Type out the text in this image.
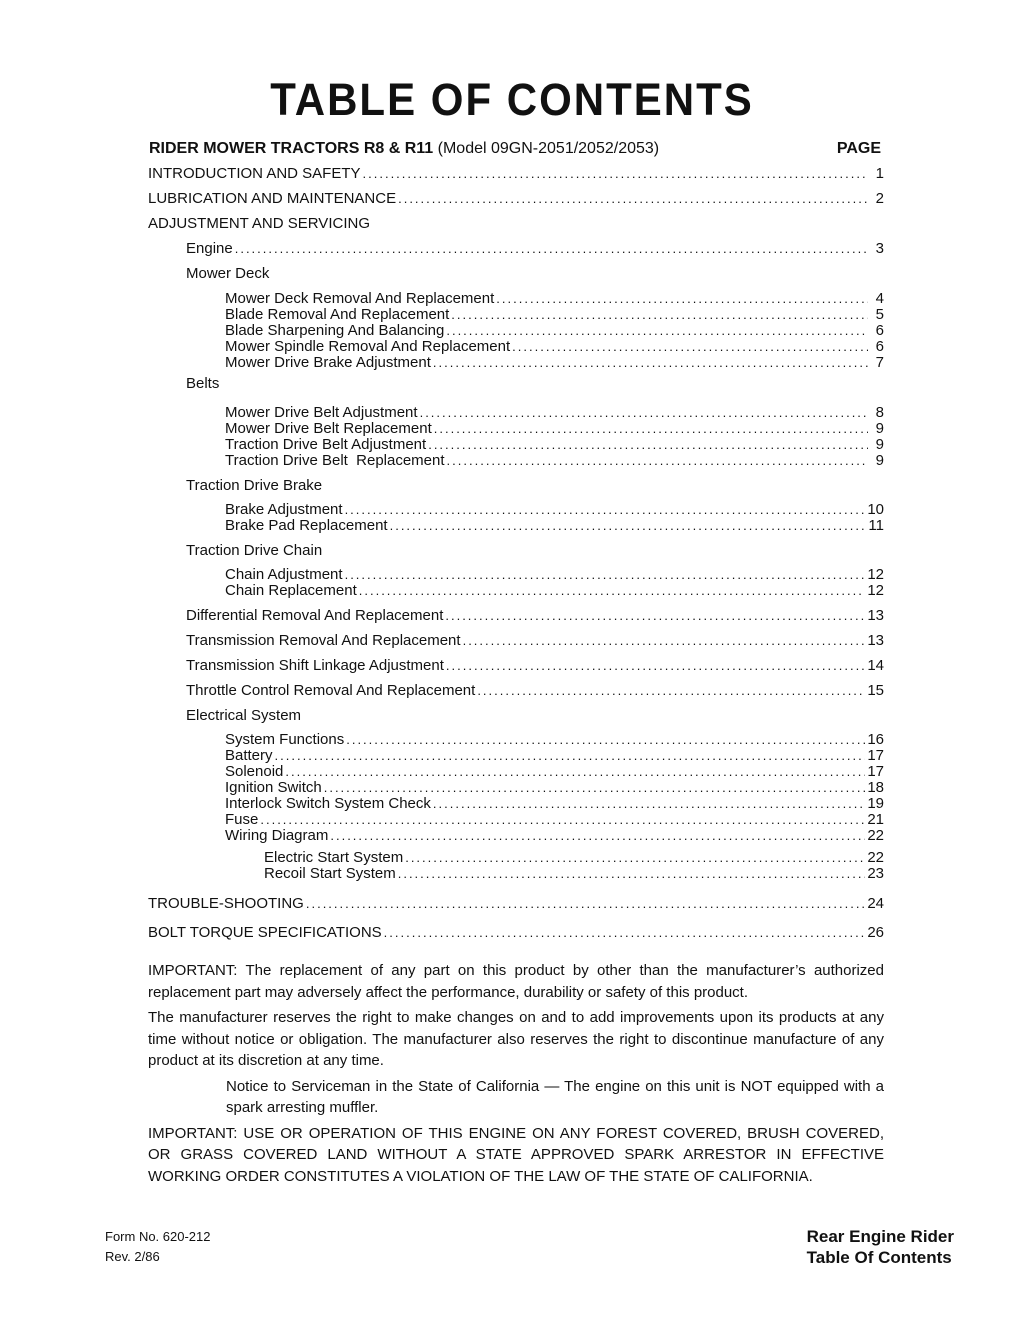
TABLE OF CONTENTS
RIDER MOWER TRACTORS R8 & R11 (Model 09GN-2051/2052/2053)	PAGE
INTRODUCTION AND SAFETY .....	1
LUBRICATION AND MAINTENANCE .....	2
ADJUSTMENT AND SERVICING
Engine .....	3
Mower Deck
Mower Deck Removal And Replacement .....	4
Blade Removal And Replacement .....	5
Blade Sharpening And Balancing .....	6
Mower Spindle Removal And Replacement .....	6
Mower Drive Brake Adjustment .....	7
Belts
Mower Drive Belt Adjustment .....	8
Mower Drive Belt Replacement .....	9
Traction Drive Belt Adjustment .....	9
Traction Drive Belt  Replacement .....	9
Traction Drive Brake
Brake Adjustment .....	10
Brake Pad Replacement .....	11
Traction Drive Chain
Chain Adjustment .....	12
Chain Replacement .....	12
Differential Removal And Replacement .....	13
Transmission Removal And Replacement .....	13
Transmission Shift Linkage Adjustment .....	14
Throttle Control Removal And Replacement .....	15
Electrical System
System Functions .....	16
Battery .....	17
Solenoid .....	17
Ignition Switch .....	18
Interlock Switch System Check .....	19
Fuse .....	21
Wiring Diagram .....	22
Electric Start System .....	22
Recoil Start System .....	23
TROUBLE-SHOOTING .....	24
BOLT TORQUE SPECIFICATIONS .....	26

IMPORTANT: The replacement of any part on this product by other than the manufacturer’s authorized replacement part may adversely affect the performance, durability or safety of this product.

The manufacturer reserves the right to make changes on and to add improvements upon its products at any time without notice or obligation. The manufacturer also reserves the right to discontinue manufacture of any product at its discretion at any time.

Notice to Serviceman in the State of California — The engine on this unit is NOT equipped with a spark arresting muffler.

IMPORTANT: USE OR OPERATION OF THIS ENGINE ON ANY FOREST COVERED, BRUSH COVERED, OR GRASS COVERED LAND WITHOUT A STATE APPROVED SPARK ARRESTOR IN EFFECTIVE WORKING ORDER CONSTITUTES A VIOLATION OF THE LAW OF THE STATE OF CALIFORNIA.

Form No. 620-212
Rev. 2/86
Rear Engine Rider
Table Of Contents
